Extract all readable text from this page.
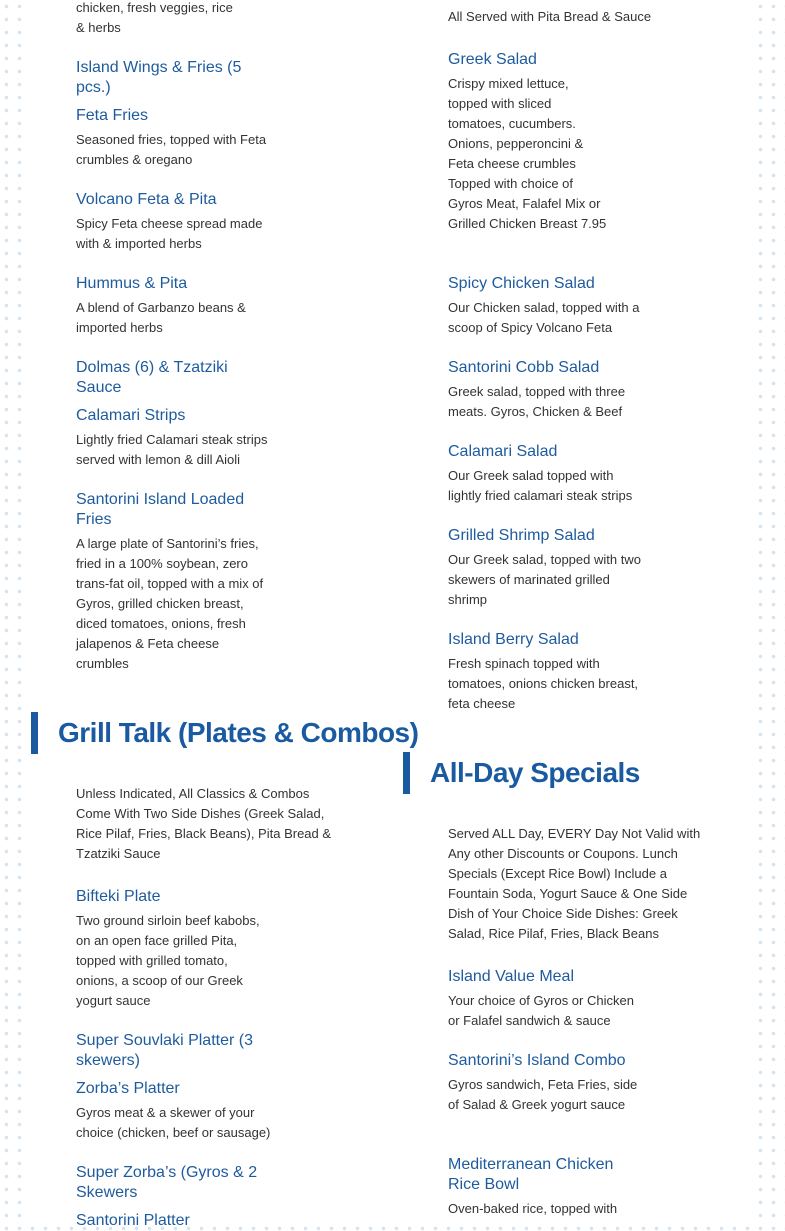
chicken, fresh veggies, rice
& herbs
Island Wings & Fries (5 pcs.)
Feta Fries
Seasoned fries, topped with Feta crumbles & oregano
Volcano Feta & Pita
Spicy Feta cheese spread made with & imported herbs
Hummus & Pita
A blend of Garbanzo beans & imported herbs
Dolmas (6) & Tzatziki Sauce
Calamari Strips
Lightly fried Calamari steak strips served with lemon & dill Aioli
Santorini Island Loaded Fries
A large plate of Santorini’s fries, fried in a 100% soybean, zero trans-fat oil, topped with a mix of Gyros, grilled chicken breast, diced tomatoes, onions, fresh jalapenos & Feta cheese crumbles
Grill Talk (Plates & Combos)
Unless Indicated, All Classics & Combos Come With Two Side Dishes (Greek Salad, Rice Pilaf, Fries, Black Beans), Pita Bread & Tzatziki Sauce
Bifteki Plate
Two ground sirloin beef kabobs, on an open face grilled Pita, topped with grilled tomato, onions, a scoop of our Greek yogurt sauce
Super Souvlaki Platter (3 skewers)
Zorba’s Platter
Gyros meat & a skewer of your choice (chicken, beef or sausage)
Super Zorba’s (Gyros & 2 Skewers
Santorini Platter
All Served with Pita Bread & Sauce
Greek Salad
Crispy mixed lettuce, topped with sliced tomatoes, cucumbers. Onions, pepperoncini & Feta cheese crumbles Topped with choice of Gyros Meat, Falafel Mix or Grilled Chicken Breast 7.95
Spicy Chicken Salad
Our Chicken salad, topped with a scoop of Spicy Volcano Feta
Santorini Cobb Salad
Greek salad, topped with three meats. Gyros, Chicken & Beef
Calamari Salad
Our Greek salad topped with lightly fried calamari steak strips
Grilled Shrimp Salad
Our Greek salad, topped with two skewers of marinated grilled shrimp
Island Berry Salad
Fresh spinach topped with tomatoes, onions chicken breast, feta cheese
All-Day Specials
Served ALL Day, EVERY Day Not Valid with Any other Discounts or Coupons. Lunch Specials (Except Rice Bowl) Include a Fountain Soda, Yogurt Sauce & One Side Dish of Your Choice Side Dishes: Greek Salad, Rice Pilaf, Fries, Black Beans
Island Value Meal
Your choice of Gyros or Chicken or Falafel sandwich & sauce
Santorini’s Island Combo
Gyros sandwich, Feta Fries, side of Salad & Greek yogurt sauce
Mediterranean Chicken Rice Bowl
Oven-baked rice, topped with
